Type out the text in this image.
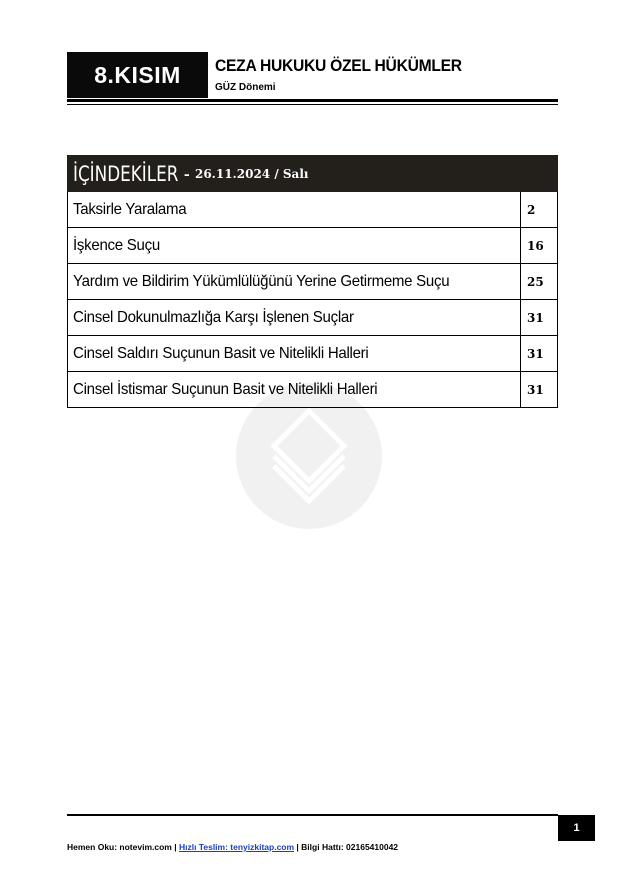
8.KISIM	CEZA HUKUKU ÖZEL HÜKÜMLER
GÜZ Dönemi
İÇİNDEKİLER - 26.11.2024 / Salı
Taksirle Yaralama	2
İşkence Suçu	16
Yardım ve Bildirim Yükümlülüğünü Yerine Getirmeme Suçu	25
Cinsel Dokunulmazlığa Karşı İşlenen Suçlar	31
Cinsel Saldırı Suçunun Basit ve Nitelikli Halleri	31
Cinsel İstismar Suçunun Basit ve Nitelikli Halleri	31
1
Hemen Oku: notevim.com | Hızlı Teslim: tenyizkitap.com | Bilgi Hattı: 02165410042
